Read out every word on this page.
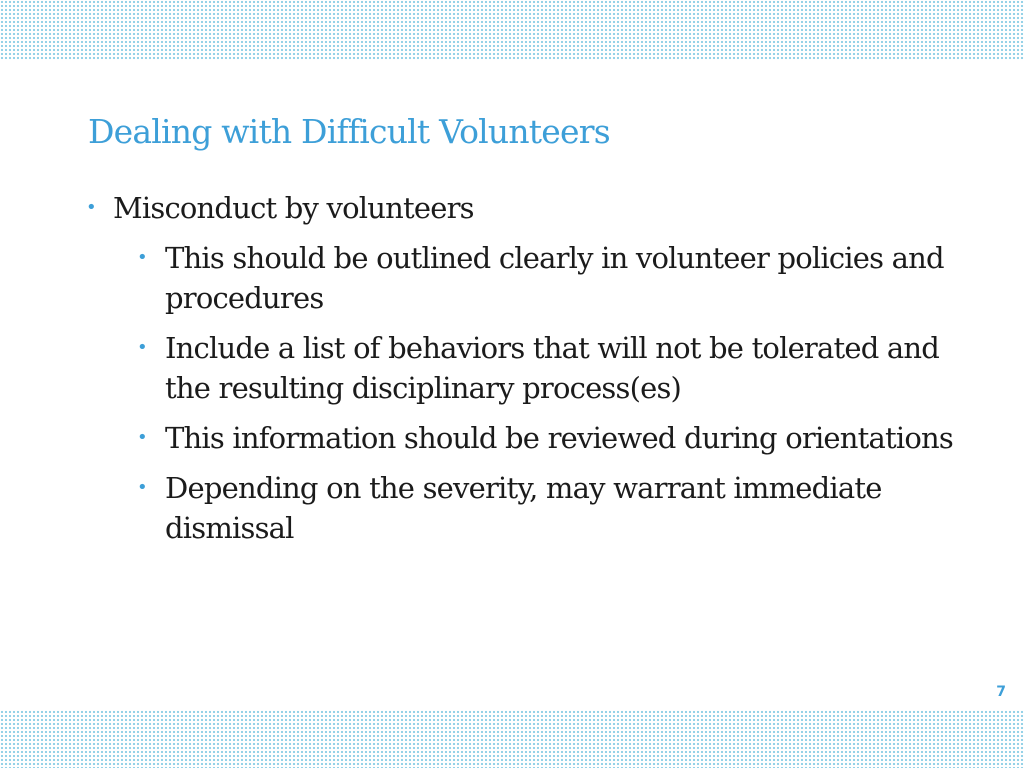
Dealing with Difficult Volunteers
• Misconduct by volunteers
• This should be outlined clearly in volunteer policies and procedures
• Include a list of behaviors that will not be tolerated and the resulting disciplinary process(es)
• This information should be reviewed during orientations
• Depending on the severity, may warrant immediate dismissal
7
